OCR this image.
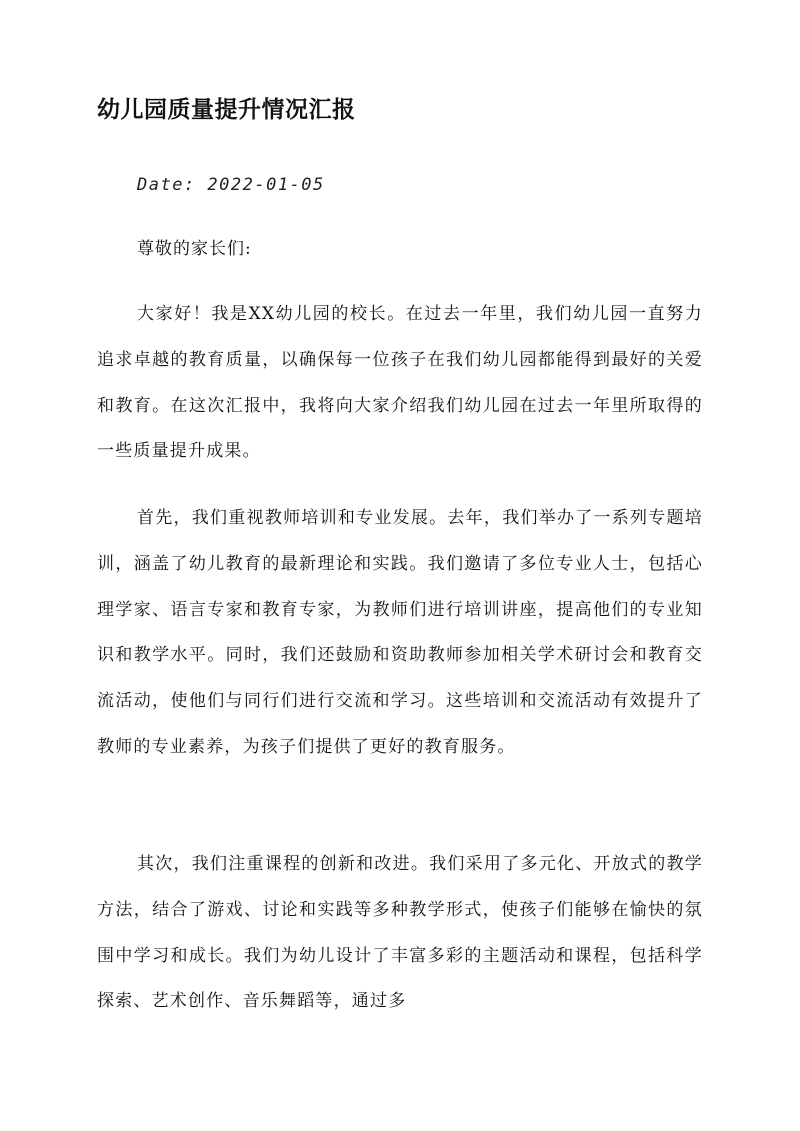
幼儿园质量提升情况汇报
Date: 2022-01-05
尊敬的家长们:

大家好！我是XX幼儿园的校长。在过去一年里，我们幼儿园一直努力追求卓越的教育质量，以确保每一位孩子在我们幼儿园都能得到最好的关爱和教育。在这次汇报中，我将向大家介绍我们幼儿园在过去一年里所取得的一些质量提升成果。

首先，我们重视教师培训和专业发展。去年，我们举办了一系列专题培训，涵盖了幼儿教育的最新理论和实践。我们邀请了多位专业人士，包括心理学家、语言专家和教育专家，为教师们进行培训讲座，提高他们的专业知识和教学水平。同时，我们还鼓励和资助教师参加相关学术研讨会和教育交流活动，使他们与同行们进行交流和学习。这些培训和交流活动有效提升了教师的专业素养，为孩子们提供了更好的教育服务。

其次，我们注重课程的创新和改进。我们采用了多元化、开放式的教学方法，结合了游戏、讨论和实践等多种教学形式，使孩子们能够在愉快的氛围中学习和成长。我们为幼儿设计了丰富多彩的主题活动和课程，包括科学探索、艺术创作、音乐舞蹈等，通过多
